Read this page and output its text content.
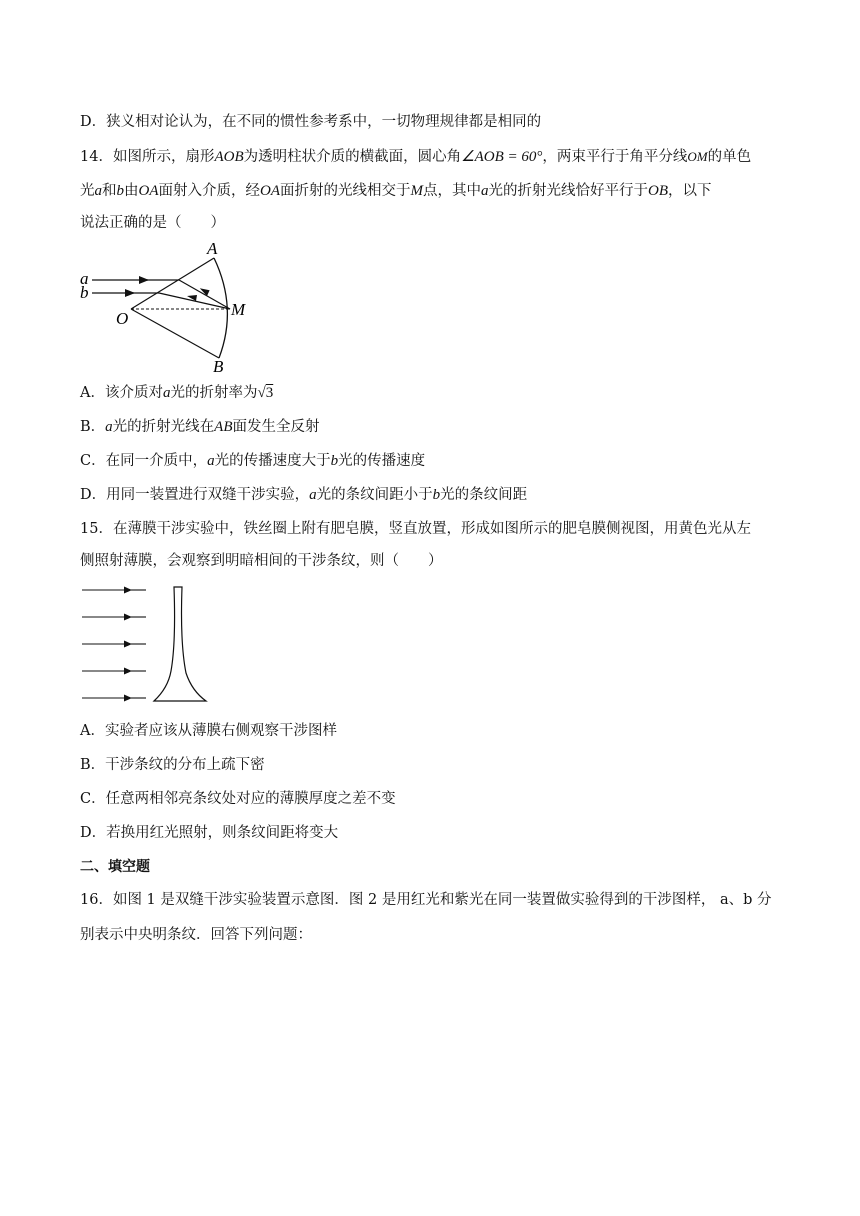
D．狭义相对论认为，在不同的惯性参考系中，一切物理规律都是相同的
14．如图所示，扇形AOB为透明柱状介质的横截面，圆心角∠AOB = 60°，两束平行于角平分线OM的单色
光a和b由OA面射入介质，经OA面折射的光线相交于M点，其中a光的折射光线恰好平行于OB，以下
说法正确的是（　　）
A
B
O	M
a
b
A．该介质对a光的折射率为√3
B．a光的折射光线在AB面发生全反射
C．在同一介质中，a光的传播速度大于b光的传播速度
D．用同一装置进行双缝干涉实验，a光的条纹间距小于b光的条纹间距
15．在薄膜干涉实验中，铁丝圈上附有肥皂膜，竖直放置，形成如图所示的肥皂膜侧视图，用黄色光从左
侧照射薄膜，会观察到明暗相间的干涉条纹，则（　　）
A．实验者应该从薄膜右侧观察干涉图样
B．干涉条纹的分布上疏下密
C．任意两相邻亮条纹处对应的薄膜厚度之差不变
D．若换用红光照射，则条纹间距将变大
二、填空题
16．如图 1 是双缝干涉实验装置示意图．图 2 是用红光和紫光在同一装置做实验得到的干涉图样， a、b 分
别表示中央明条纹．回答下列问题：
